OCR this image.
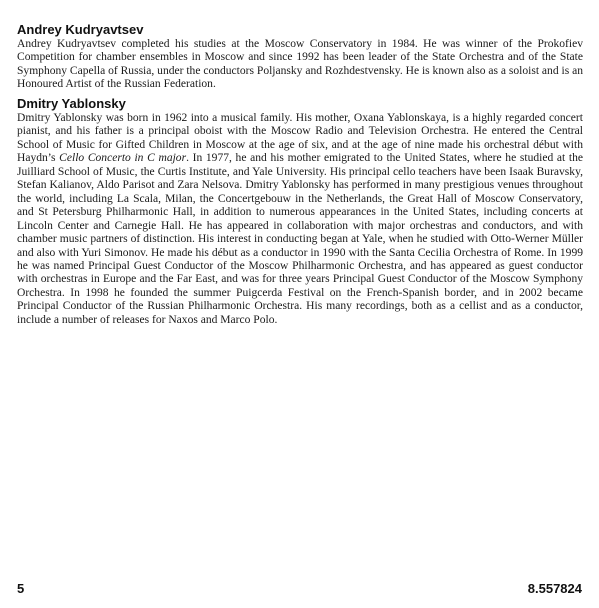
Andrey Kudryavtsev

Andrey Kudryavtsev completed his studies at the Moscow Conservatory in 1984. He was winner of the Prokofiev Competition for chamber ensembles in Moscow and since 1992 has been leader of the State Orchestra and of the State Symphony Capella of Russia, under the conductors Poljansky and Rozhdestvensky. He is known also as a soloist and is an Honoured Artist of the Russian Federation.

Dmitry Yablonsky

Dmitry Yablonsky was born in 1962 into a musical family. His mother, Oxana Yablonskaya, is a highly regarded concert pianist, and his father is a principal oboist with the Moscow Radio and Television Orchestra. He entered the Central School of Music for Gifted Children in Moscow at the age of six, and at the age of nine made his orchestral début with Haydn’s Cello Concerto in C major. In 1977, he and his mother emigrated to the United States, where he studied at the Juilliard School of Music, the Curtis Institute, and Yale University. His principal cello teachers have been Isaak Buravsky, Stefan Kalianov, Aldo Parisot and Zara Nelsova. Dmitry Yablonsky has performed in many prestigious venues throughout the world, including La Scala, Milan, the Concertgebouw in the Netherlands, the Great Hall of Moscow Conservatory, and St Petersburg Philharmonic Hall, in addition to numerous appearances in the United States, including concerts at Lincoln Center and Carnegie Hall. He has appeared in collaboration with major orchestras and conductors, and with chamber music partners of distinction. His interest in conducting began at Yale, when he studied with Otto-Werner Müller and also with Yuri Simonov. He made his début as a conductor in 1990 with the Santa Cecilia Orchestra of Rome. In 1999 he was named Principal Guest Conductor of the Moscow Philharmonic Orchestra, and has appeared as guest conductor with orchestras in Europe and the Far East, and was for three years Principal Guest Conductor of the Moscow Symphony Orchestra. In 1998 he founded the summer Puigcerda Festival on the French-Spanish border, and in 2002 became Principal Conductor of the Russian Philharmonic Orchestra. His many recordings, both as a cellist and as a conductor, include a number of releases for Naxos and Marco Polo.

5	8.557824
